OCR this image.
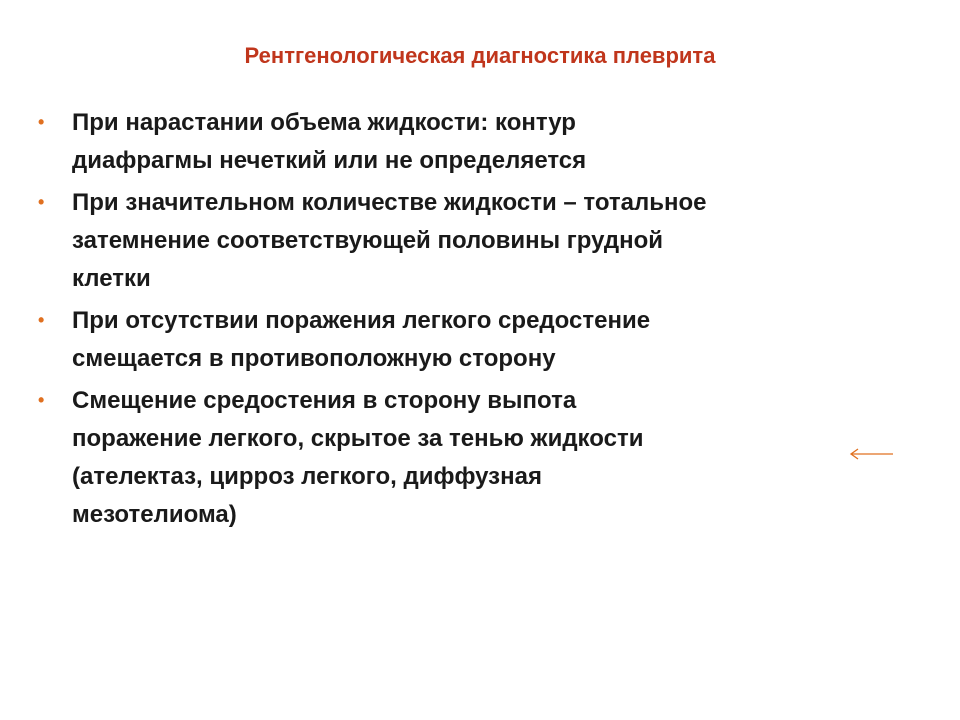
Рентгенологическая диагностика плеврита
•	При нарастании объема жидкости: контур
диафрагмы нечеткий или не определяется
•	При значительном количестве жидкости – тотальное
затемнение соответствующей половины грудной
клетки
•	При отсутствии поражения легкого средостение
смещается в противоположную сторону
•	Смещение средостения в сторону выпота
поражение легкого, скрытое за тенью жидкости
(ателектаз, цирроз легкого, диффузная
мезотелиома)
